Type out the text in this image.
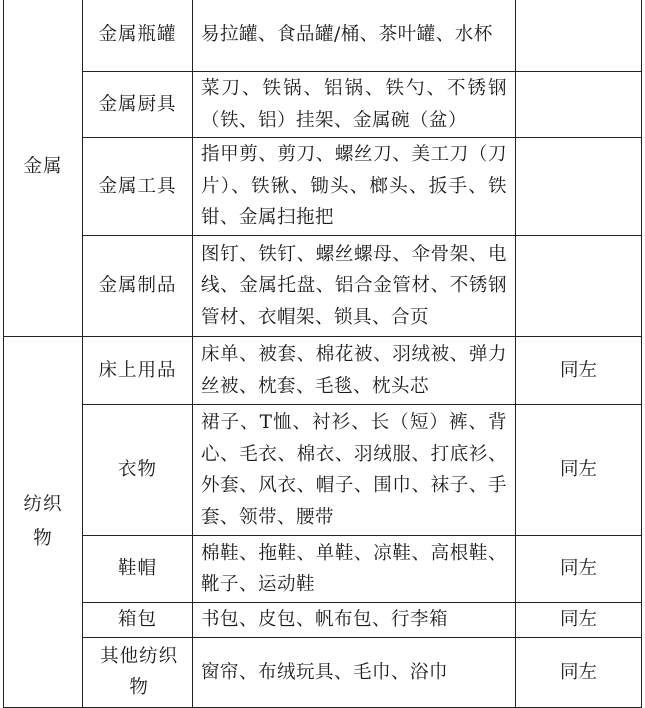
金属	金属瓶罐	易拉罐、食品罐/桶、茶叶罐、水杯	
	金属厨具	菜刀、铁锅、铝锅、铁勺、不锈钢（铁、铝）挂架、金属碗（盆）	
	金属工具	指甲剪、剪刀、螺丝刀、美工刀（刀片）、铁锹、锄头、榔头、扳手、铁钳、金属扫拖把	
	金属制品	图钉、铁钉、螺丝螺母、伞骨架、电线、金属托盘、铝合金管材、不锈钢管材、衣帽架、锁具、合页	
纺织物	床上用品	床单、被套、棉花被、羽绒被、弹力丝被、枕套、毛毯、枕头芯	同左
	衣物	裙子、T恤、衬衫、长（短）裤、背心、毛衣、棉衣、羽绒服、打底衫、外套、风衣、帽子、围巾、袜子、手套、领带、腰带	同左
	鞋帽	棉鞋、拖鞋、单鞋、凉鞋、高根鞋、靴子、运动鞋	同左
	箱包	书包、皮包、帆布包、行李箱	同左
	其他纺织物	窗帘、布绒玩具、毛巾、浴巾	同左
